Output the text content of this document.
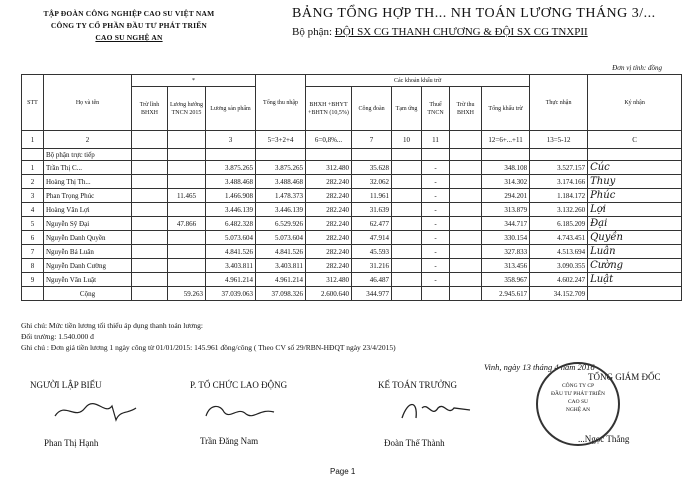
TẬP ĐOÀN CÔNG NGHIỆP CAO SU VIỆT NAM
CÔNG TY CỔ PHẦN ĐẦU TƯ PHÁT TRIỂN
CAO SU NGHỆ AN
BẢNG TỔNG HỢP TH... NH TOÁN LƯƠNG THÁNG 3/...
Bộ phận: ĐỘI SX CG THANH CHƯƠNG & ĐỘI SX CG TNXPII
Đơn vị tính: đồng
STT	Họ và tên	*			Tổng thu nhập	Các khoản khấu trừ						Thực nhận	Ký nhận
		Trừ lĩnh BHXH	Lương hưởng TNCN 2015	Lương sản phẩm		BHXH +BHYT +BHTN (10,5%)	Công đoàn	Tạm ứng	Thuế TNCN	Trừ thu BHXH	Tổng khấu trừ		
1	2			3	5=3+2+4	6=0,8%...	7	10	11		12=6+...+11	13=5-12	C
	Bộ phận trực tiếp												
1	Trần Thị C...			3.875.265	3.875.265	312.480	35.628		-		348.108	3.527.157	Cúc
2	Hoàng Thị Th...			3.488.468	3.488.468	282.240	32.062		-		314.302	3.174.166	Thuy
3	Phan Trọng Phúc		11.465	1.466.908	1.478.373	282.240	11.961		-		294.201	1.184.172	Phúc
4	Hoàng Văn Lợi			3.446.139	3.446.139	282.240	31.639		-		313.879	3.132.260	Lợi
5	Nguyễn Sỹ Đại		47.866	6.482.328	6.529.926	282.240	62.477		-		344.717	6.185.209	Đại
6	Nguyễn Danh Quyền			5.073.604	5.073.604	282.240	47.914		-		330.154	4.743.451	Quyền
7	Nguyễn Bá Luân			4.841.526	4.841.526	282.240	45.593		-		327.833	4.513.694	Luân
8	Nguyễn Danh Cường			3.403.811	3.403.811	282.240	31.216		-		313.456	3.090.355	Cường
9	Nguyễn Văn Luật			4.961.214	4.961.214	312.480	46.487		-		358.967	4.602.247	Luật
	Cộng		59.263	37.039.063	37.098.326	2.600.640	344.977				2.945.617	34.152.709	
Ghi chú: Mức tiền lương tối thiểu áp dụng thanh toán lương:
Đối trường: 1.540.000 đ
Ghi chú : Đơn giá tiền lương 1 ngày công từ 01/01/2015: 145.961 đồng/công ( Theo CV số 29/RBN-HĐQT ngày 23/4/2015)
Vinh, ngày 13 tháng 4 năm 2016
NGƯỜI LẬP BIỂU	P. TỔ CHỨC LAO ĐỘNG	KẾ TOÁN TRƯỞNG
TỔNG GIÁM ĐỐC
Phan Thị Hạnh	Trần Đăng Nam	Đoàn Thế Thành	...Ngọc Thắng
CÔNG TY CP
ĐẦU TƯ PHÁT TRIỂN
CAO SU
NGHỆ AN
Page 1
